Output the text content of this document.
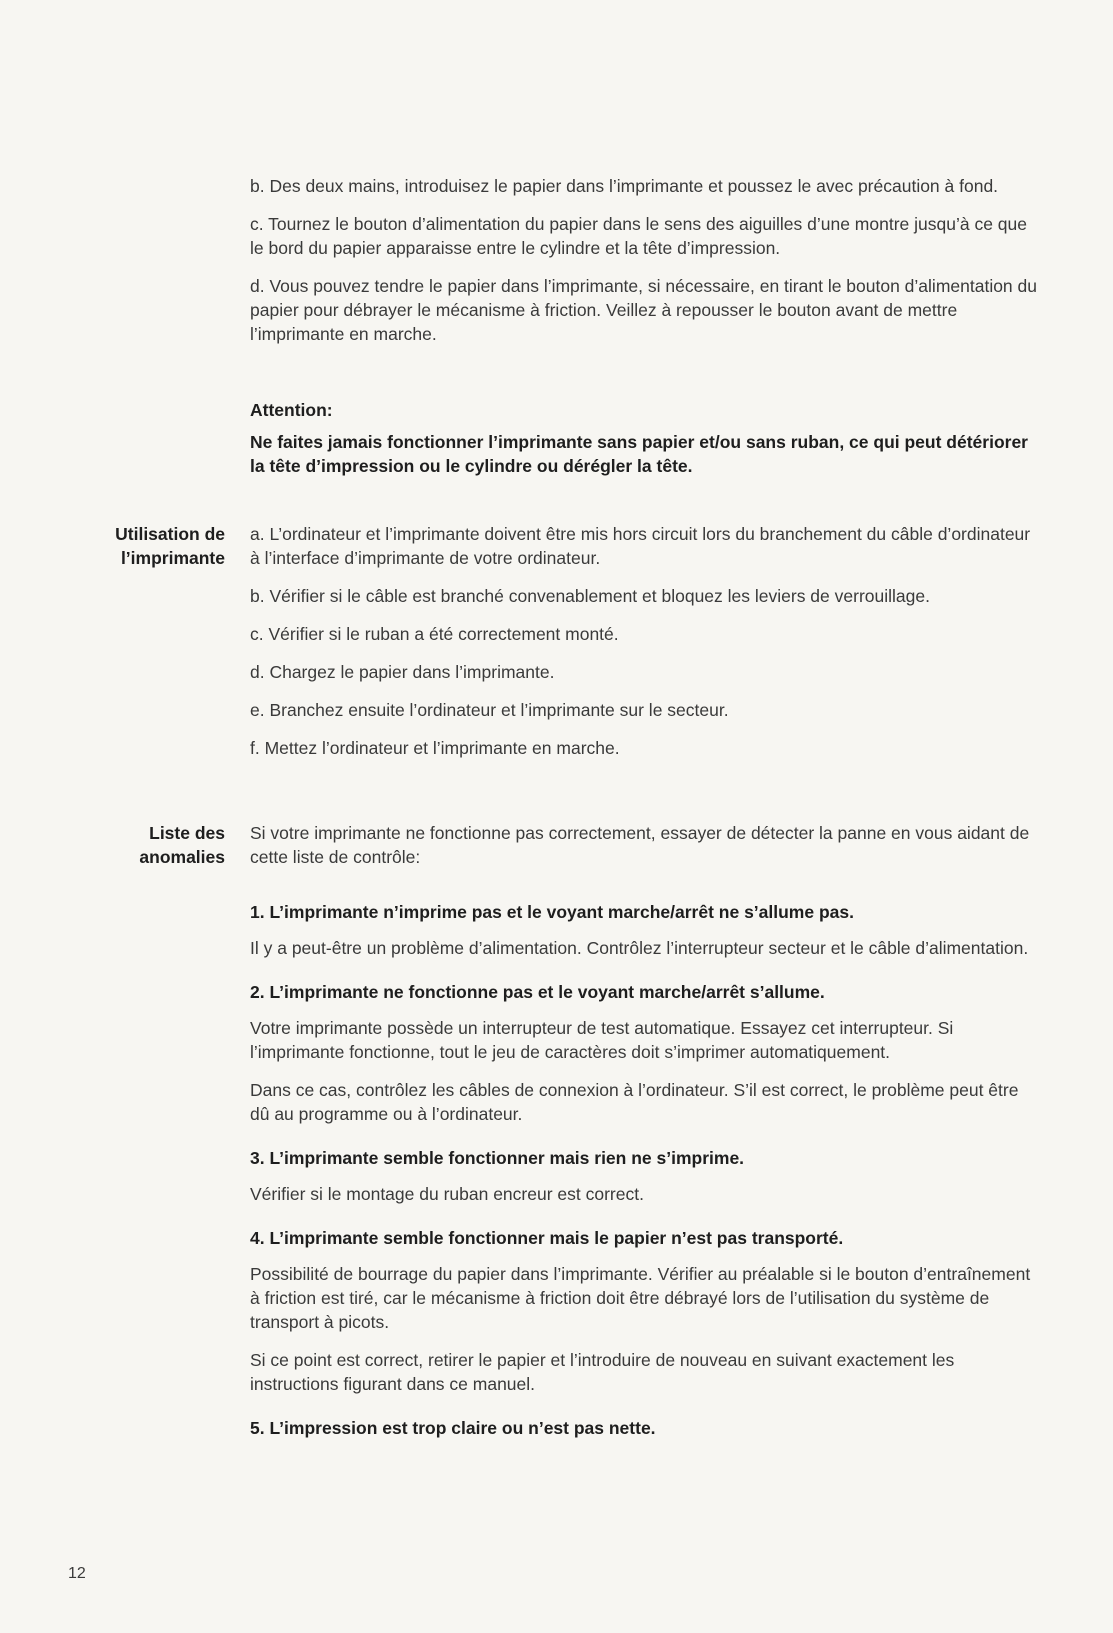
b. Des deux mains, introduisez le papier dans l’imprimante et poussez le avec précaution à fond.

c. Tournez le bouton d’alimentation du papier dans le sens des aiguilles d’une montre jusqu’à ce que le bord du papier apparaisse entre le cylindre et la tête d’impression.

d. Vous pouvez tendre le papier dans l’imprimante, si nécessaire, en tirant le bouton d’alimentation du papier pour débrayer le mécanisme à friction. Veillez à repousser le bouton avant de mettre l’imprimante en marche.

Attention:

Ne faites jamais fonctionner l’imprimante sans papier et/ou sans ruban, ce qui peut détériorer la tête d’impression ou le cylindre ou dérégler la tête.

Utilisation de
l’imprimante

a. L’ordinateur et l’imprimante doivent être mis hors circuit lors du branchement du câble d’ordinateur à l’interface d’imprimante de votre ordinateur.

b. Vérifier si le câble est branché convenablement et bloquez les leviers de verrouillage.

c. Vérifier si le ruban a été correctement monté.

d. Chargez le papier dans l’imprimante.

e. Branchez ensuite l’ordinateur et l’imprimante sur le secteur.

f. Mettez l’ordinateur et l’imprimante en marche.

Liste des
anomalies

Si votre imprimante ne fonctionne pas correctement, essayer de détecter la panne en vous aidant de cette liste de contrôle:

1. L’imprimante n’imprime pas et le voyant marche/arrêt ne s’allume pas.

Il y a peut-être un problème d’alimentation. Contrôlez l’interrupteur secteur et le câble d’alimentation.

2. L’imprimante ne fonctionne pas et le voyant marche/arrêt s’allume.

Votre imprimante possède un interrupteur de test automatique. Essayez cet interrupteur. Si l’imprimante fonctionne, tout le jeu de caractères doit s’imprimer automatiquement.

Dans ce cas, contrôlez les câbles de connexion à l’ordinateur. S’il est correct, le problème peut être dû au programme ou à l’ordinateur.

3. L’imprimante semble fonctionner mais rien ne s’imprime.

Vérifier si le montage du ruban encreur est correct.

4. L’imprimante semble fonctionner mais le papier n’est pas transporté.

Possibilité de bourrage du papier dans l’imprimante. Vérifier au préalable si le bouton d’entraînement à friction est tiré, car le mécanisme à friction doit être débrayé lors de l’utilisation du système de transport à picots.

Si ce point est correct, retirer le papier et l’introduire de nouveau en suivant exactement les instructions figurant dans ce manuel.

5. L’impression est trop claire ou n’est pas nette.

12
